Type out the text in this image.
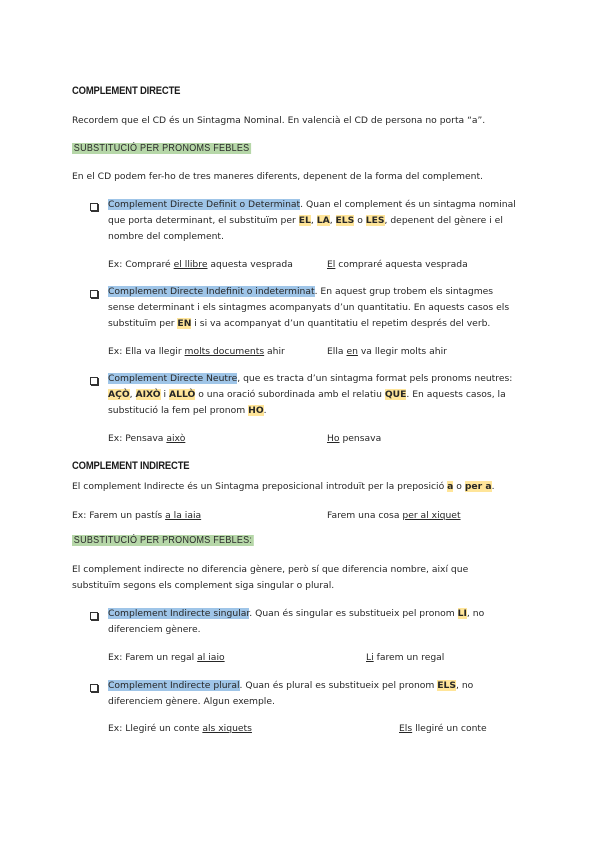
COMPLEMENT DIRECTE
Recordem que el CD és un Sintagma Nominal. En valencià el CD de persona no porta “a”.
SUBSTITUCIÓ PER PRONOMS FEBLES
En el CD podem fer-ho de tres maneres diferents, depenent de la forma del complement.
Complement Directe Definit o Determinat. Quan el complement és un sintagma nominal
que porta determinant, el substituïm per EL, LA, ELS o LES, depenent del gènere i el
nombre del complement.
Ex: Compraré el llibre aquesta vesprada	El compraré aquesta vesprada
Complement Directe Indefinit o indeterminat. En aquest grup trobem els sintagmes
sense determinant i els sintagmes acompanyats d’un quantitatiu. En aquests casos els
substituïm per EN i si va acompanyat d’un quantitatiu el repetim després del verb.
Ex: Ella va llegir molts documents ahir	Ella en va llegir molts ahir
Complement Directe Neutre, que es tracta d’un sintagma format pels pronoms neutres:
AÇÒ, AIXÒ i ALLÒ o una oració subordinada amb el relatiu QUE. En aquests casos, la
substitució la fem pel pronom HO.
Ex: Pensava això	Ho pensava
COMPLEMENT INDIRECTE
El complement Indirecte és un Sintagma preposicional introduït per la preposició a o per a.
Ex: Farem un pastís a la iaia	Farem una cosa per al xiquet
SUBSTITUCIÓ PER PRONOMS FEBLES:
El complement indirecte no diferencia gènere, però sí que diferencia nombre, així que
substituïm segons els complement siga singular o plural.
Complement Indirecte singular. Quan és singular es substitueix pel pronom LI, no
diferenciem gènere.
Ex: Farem un regal al iaio	Li farem un regal
Complement Indirecte plural. Quan és plural es substitueix pel pronom ELS, no
diferenciem gènere. Algun exemple.
Ex: Llegiré un conte als xiquets	Els llegiré un conte
